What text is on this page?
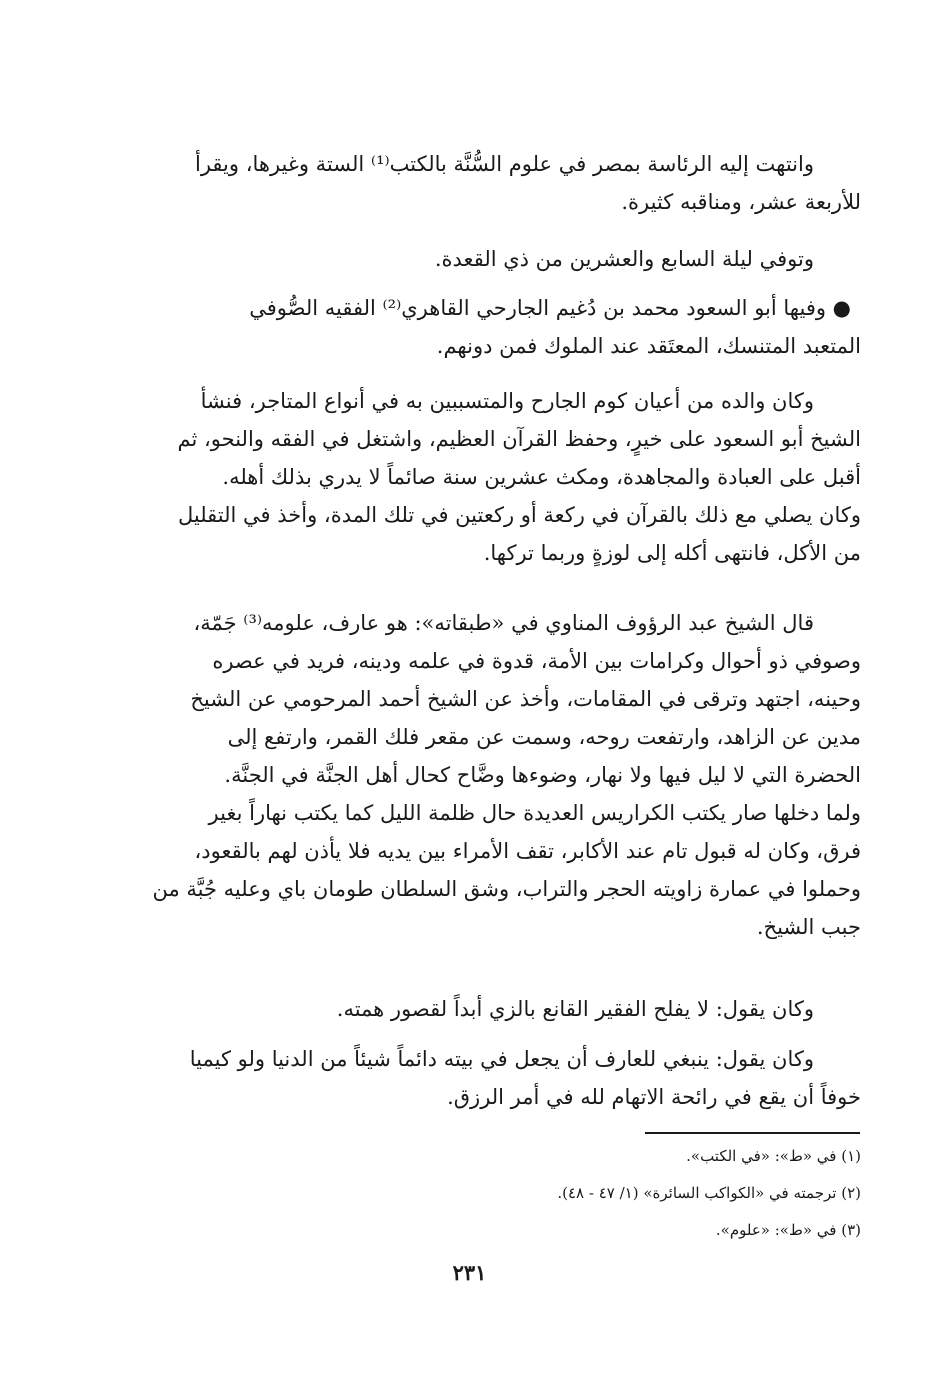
وانتهت إليه الرئاسة بمصر في علوم السُّنَّة بالكتب⁽¹⁾ الستة وغيرها، ويقرأ
للأربعة عشر، ومناقبه كثيرة.
وتوفي ليلة السابع والعشرين من ذي القعدة.
● وفيها أبو السعود محمد بن دُغيم الجارحي القاهري⁽²⁾ الفقيه الصُّوفي
المتعبد المتنسك، المعتَقد عند الملوك فمن دونهم.
وكان والده من أعيان كوم الجارح والمتسببين به في أنواع المتاجر، فنشأ
الشيخ أبو السعود على خيرٍ، وحفظ القرآن العظيم، واشتغل في الفقه والنحو، ثم
أقبل على العبادة والمجاهدة، ومكث عشرين سنة صائماً لا يدري بذلك أهله.
وكان يصلي مع ذلك بالقرآن في ركعة أو ركعتين في تلك المدة، وأخذ في التقليل
من الأكل، فانتهى أكله إلى لوزةٍ وربما تركها.
قال الشيخ عبد الرؤوف المناوي في «طبقاته»: هو عارف، علومه⁽³⁾ جَمّة،
وصوفي ذو أحوال وكرامات بين الأمة، قدوة في علمه ودينه، فريد في عصره
وحينه، اجتهد وترقى في المقامات، وأخذ عن الشيخ أحمد المرحومي عن الشيخ
مدين عن الزاهد، وارتفعت روحه، وسمت عن مقعر فلك القمر، وارتفع إلى
الحضرة التي لا ليل فيها ولا نهار، وضوءها وضَّاح كحال أهل الجنَّة في الجنَّة.
ولما دخلها صار يكتب الكراريس العديدة حال ظلمة الليل كما يكتب نهاراً بغير
فرق، وكان له قبول تام عند الأكابر، تقف الأمراء بين يديه فلا يأذن لهم بالقعود،
وحملوا في عمارة زاويته الحجر والتراب، وشق السلطان طومان باي وعليه جُبَّة من
جبب الشيخ.
وكان يقول: لا يفلح الفقير القانع بالزي أبداً لقصور همته.
وكان يقول: ينبغي للعارف أن يجعل في بيته دائماً شيئاً من الدنيا ولو كيميا
خوفاً أن يقع في رائحة الاتهام لله في أمر الرزق.
(١) في «ط»: «في الكتب».
(٢) ترجمته في «الكواكب السائرة» (١/ ٤٧ - ٤٨).
(٣) في «ط»: «علوم».
٢٣١
